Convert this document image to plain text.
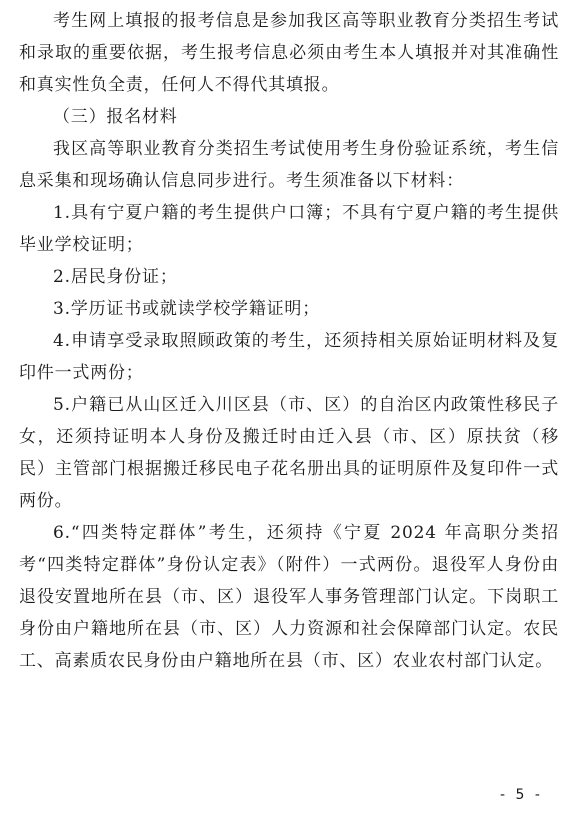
考生网上填报的报考信息是参加我区高等职业教育分类招生考试和录取的重要依据，考生报考信息必须由考生本人填报并对其准确性和真实性负全责，任何人不得代其填报。

（三）报名材料

我区高等职业教育分类招生考试使用考生身份验证系统，考生信息采集和现场确认信息同步进行。考生须准备以下材料：

1.具有宁夏户籍的考生提供户口簿；不具有宁夏户籍的考生提供毕业学校证明；

2.居民身份证；

3.学历证书或就读学校学籍证明；

4.申请享受录取照顾政策的考生，还须持相关原始证明材料及复印件一式两份；

5.户籍已从山区迁入川区县（市、区）的自治区内政策性移民子女，还须持证明本人身份及搬迁时由迁入县（市、区）原扶贫（移民）主管部门根据搬迁移民电子花名册出具的证明原件及复印件一式两份。

6.“四类特定群体”考生，还须持《宁夏 2024 年高职分类招考“四类特定群体”身份认定表》（附件）一式两份。退役军人身份由退役安置地所在县（市、区）退役军人事务管理部门认定。下岗职工身份由户籍地所在县（市、区）人力资源和社会保障部门认定。农民工、高素质农民身份由户籍地所在县（市、区）农业农村部门认定。

- 5 -
